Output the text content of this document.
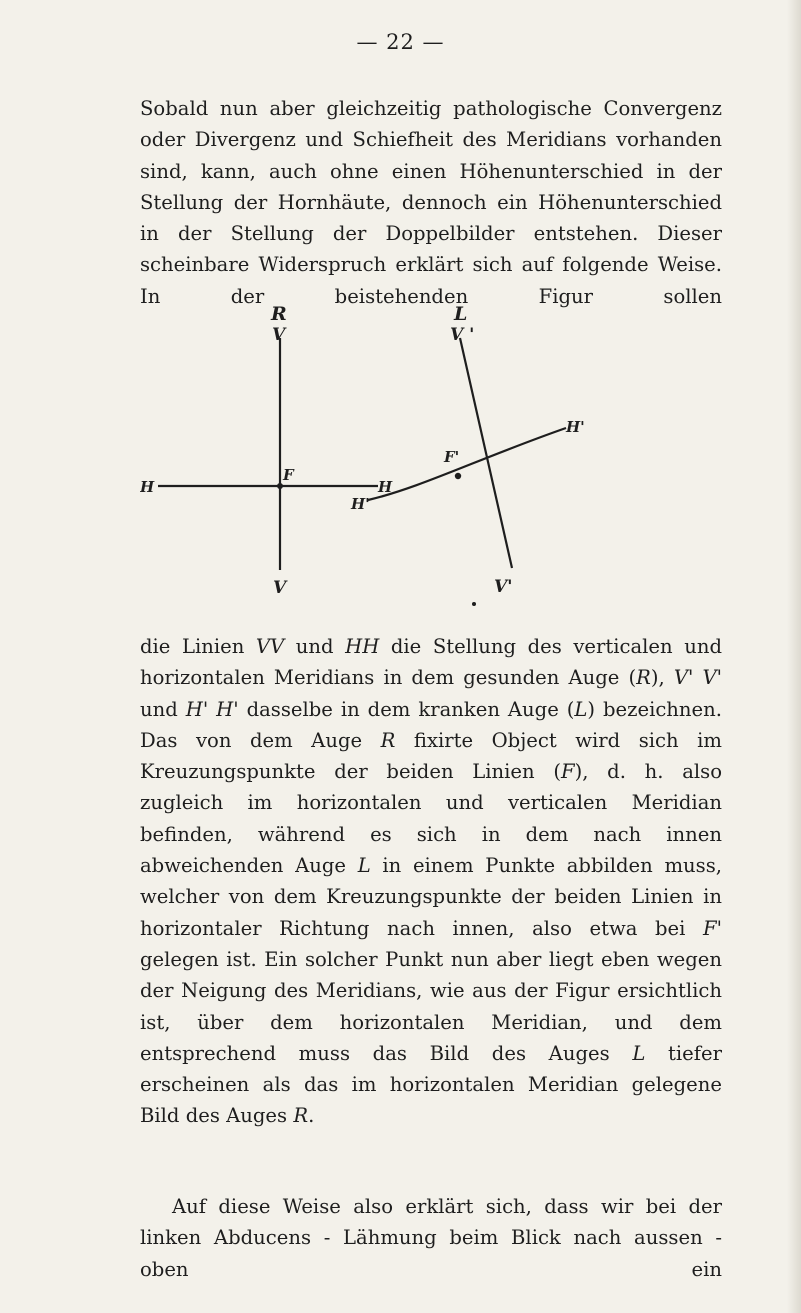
— 22 —

Sobald nun aber gleichzeitig pathologische Convergenz oder Divergenz und Schiefheit des Meridians vorhanden sind, kann, auch ohne einen Höhenunterschied in der Stellung der Hornhäute, dennoch ein Höhenunterschied in der Stellung der Doppelbilder entstehen. Dieser scheinbare Widerspruch erklärt sich auf folgende Weise. In der beistehenden Figur sollen

R
V
V
H	H
F
L
V '
V'
H'
H'
F'

die Linien VV und HH die Stellung des verticalen und horizontalen Meridians in dem gesunden Auge (R), V' V' und H' H' dasselbe in dem kranken Auge (L) bezeichnen. Das von dem Auge R fixirte Object wird sich im Kreuzungspunkte der beiden Linien (F), d. h. also zugleich im horizontalen und verticalen Meridian befinden, während es sich in dem nach innen abweichenden Auge L in einem Punkte abbilden muss, welcher von dem Kreuzungspunkte der beiden Linien in horizontaler Richtung nach innen, also etwa bei F' gelegen ist. Ein solcher Punkt nun aber liegt eben wegen der Neigung des Meridians, wie aus der Figur ersichtlich ist, über dem horizontalen Meridian, und dem entsprechend muss das Bild des Auges L tiefer erscheinen als das im horizontalen Meridian gelegene Bild des Auges R.

Auf diese Weise also erklärt sich, dass wir bei der linken Abducens - Lähmung beim Blick nach aussen - oben ein
